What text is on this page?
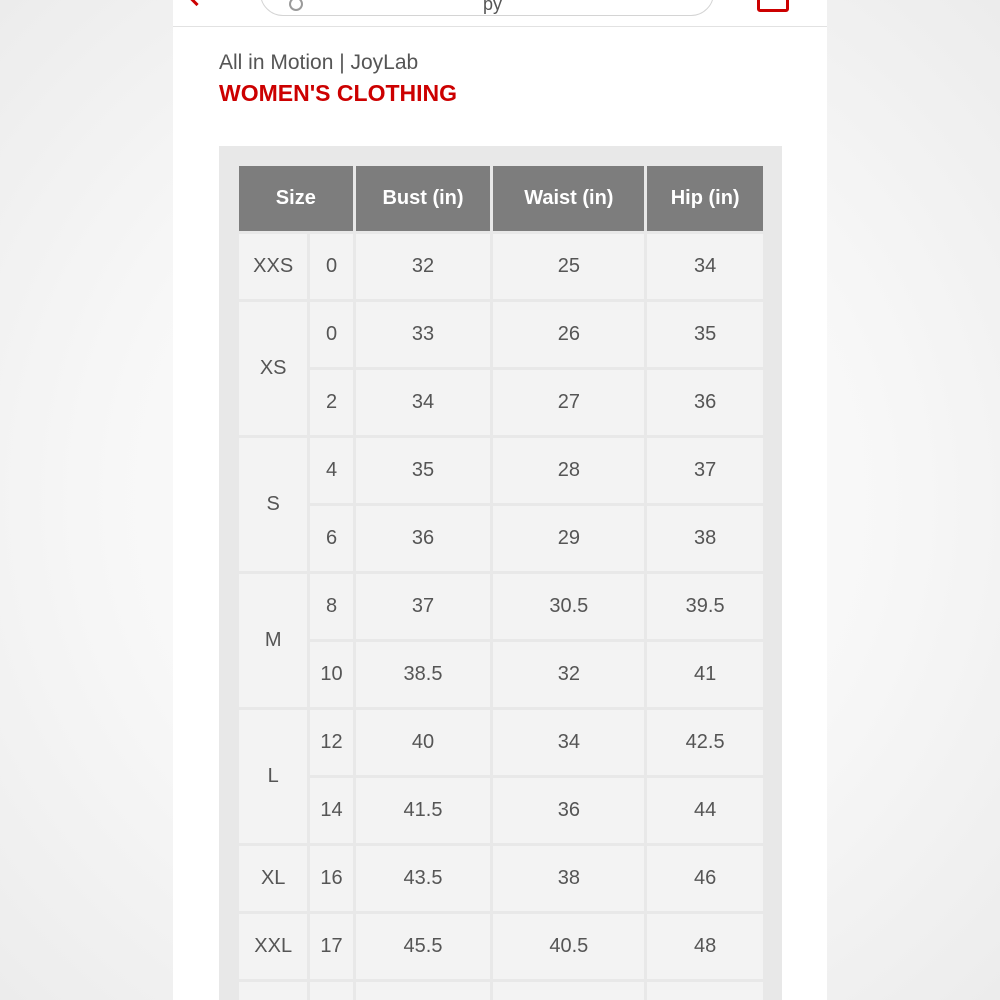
py
All in Motion | JoyLab
WOMEN'S CLOTHING
Size		Bust (in)	Waist (in)	Hip (in)
XXS	0	32	25	34
XS	0	33	26	35
	2	34	27	36
S	4	35	28	37
	6	36	29	38
M	8	37	30.5	39.5
	10	38.5	32	41
L	12	40	34	42.5
	14	41.5	36	44
XL	16	43.5	38	46
XXL	17	45.5	40.5	48
